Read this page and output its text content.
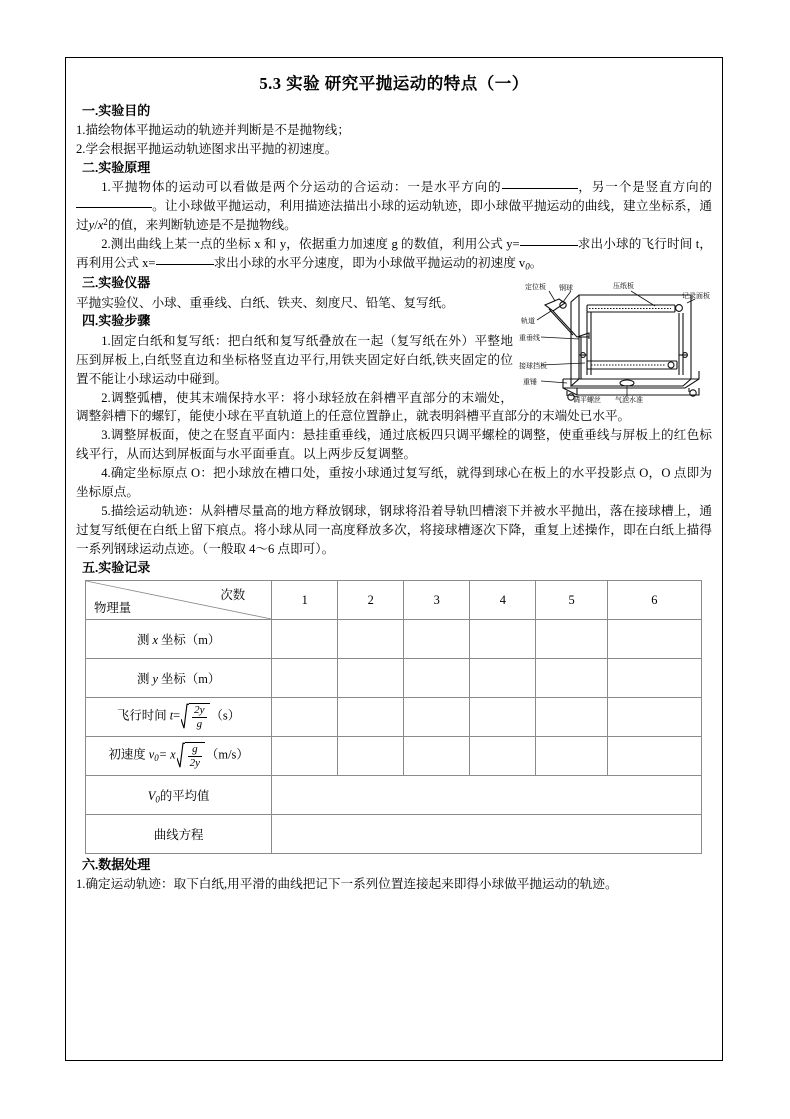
5.3 实验 研究平抛运动的特点（一）
一.实验目的

1.描绘物体平抛运动的轨迹并判断是不是抛物线；

2.学会根据平抛运动轨迹图求出平抛的初速度。

二.实验原理

1.平抛物体的运动可以看做是两个分运动的合运动：一是水平方向的	，另一个是竖直方向的。让小球做平抛运动，利用描迹法描出小球的运动轨迹，即小球做平抛运动的曲线，建立坐标系，通过$y/x^2$的值，来判断轨迹是不是抛物线。

2.测出曲线上某一点的坐标 x 和 y，依据重力加速度 g 的数值，利用公式 y=	求出小球的飞行时间 t，再利用公式 x=	求出小球的水平分速度，即为小球做平抛运动的初速度 $v_0$。

定位板 钢球	压纸板
记录面板
轨道
重垂线
接球挡板
重锤
调平螺丝 气泡水准
三.实验仪器

平抛实验仪、小球、重垂线、白纸、铁夹、刻度尺、铅笔、复写纸。

四.实验步骤

1.固定白纸和复写纸：把白纸和复写纸叠放在一起（复写纸在外）平整地压到屏板上,白纸竖直边和坐标格竖直边平行,用铁夹固定好白纸,铁夹固定的位置不能让小球运动中碰到。

2.调整弧槽，使其末端保持水平：将小球轻放在斜槽平直部分的末端处，调整斜槽下的螺钉，能使小球在平直轨道上的任意位置静止，就表明斜槽平直部分的末端处已水平。

3.调整屏板面，使之在竖直平面内：悬挂重垂线，通过底板四只调平螺栓的调整，使重垂线与屏板上的红色标线平行，从而达到屏板面与水平面垂直。以上两步反复调整。

4.确定坐标原点 O：把小球放在槽口处，重按小球通过复写纸，就得到球心在板上的水平投影点 O，O 点即为坐标原点。

5.描绘运动轨迹：从斜槽尽量高的地方释放钢球，钢球将沿着导轨凹槽滚下并被水平抛出，落在接球槽上，通过复写纸便在白纸上留下痕点。将小球从同一高度释放多次，将接球槽逐次下降，重复上述操作，即在白纸上描得一系列钢球运动点迹。（一般取 4～6 点即可）。

五.实验记录
次数
物理量	1	2	3	4	5	6
测 x 坐标（m）						
测 y 坐标（m）						
飞行时间 $t= \frac{2y}{g} (s)$						
初速度 $v_0= x \frac{g}{2y} (m/s)$						
$V_0$的平均值						
曲线方程						
六.数据处理

1.确定运动轨迹：取下白纸,用平滑的曲线把记下一系列位置连接起来即得小球做平抛运动的轨迹。
